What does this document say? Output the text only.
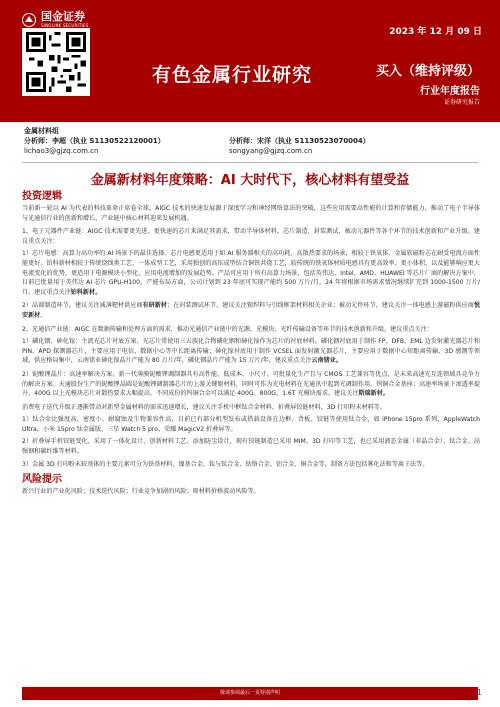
国金证券
SINOLINK SECURITIES
2023 年 12 月 09 日
有色金属行业研究	买入（维持评级）
行业年度报告
证券研究报告
金属材料组
分析师：李超（执业 S1130522120001）	分析师：宋洋（执业 S1130523070004）
lichao3@gjzq.com.cn	songyang@gjzq.com.cn
金属新材料年度策略：AI 大时代下，核心材料有望受益
投资逻辑

当前新一轮以 AI 为代表的科技革命正席卷全球，AIGC 技术的快速发展源于深度学习和神经网络算法的突破，这些应用需要高性能的计算和存储能力，推动了电子半导体与光通信行业的创新和增长，产业链中核心材料迎来发展机遇。

1、电子元器件产业链：AIGC 技术需要更先进、更快速的芯片来满足其需求，带动半导体材料、芯片制造、封装测试、被动元器件等各个环节的技术创新和产业升级。建议重点关注：

1）芯片电感：高算力高功率的 AI 场景下的最佳选择。芯片电感更适用于如 AI 服务器相关的高功耗、高散热要求的场景，相较于铁氧体，金属软磁粉芯在耐受电流方面性能更好。铂科新材相较于传统绕线类工艺、一体成型工艺，采用独创的高压成型结合铜铁共烧工艺，较传统的铁氧体材质电感具有更高效率、更小体积、以及能够响应更大电流变化的优势，更适用于电源模块小型化、应用电流增加的发展趋势。产品可应用于所有高算力场景，包括英伟达、Intel、AMD、HUAWEI 等芯片厂商的解决方案中，目前已批量用于英伟达 AI 芯片 GPU-H100。产能布局方面，公司计划到 23 年底可实现产能约 500 万片/月，24 年将根据市场需求情况继续扩充到 1000-1500 万片/月。建议重点关注铂科新材。

2）晶圆制造环节，建议关注减薄靶材供应商有研新材；在封装测试环节，建议关注锡焊料与引线框架材料相关企业；被动元件环节，建议关注一体电感上游磁粉供应商悦安新材。

2、光通信产业链：AIGC 在数据传输和处理方面的需求，推动光通信产业链中的光源、光模块、光纤传输设备等环节的技术创新和升级，建议重点关注：

1）磷化铟、砷化镓：主流光芯片衬底方案。光芯片常使用三五族化合物磷化铟和砷化镓作为芯片的衬底材料。磷化铟衬底用于制作 FP、DFB、EML 边发射激光器芯片和 PIN、APD 探测器芯片，主要应用于电信、数据中心等中长距离传输；砷化镓衬底用于制作 VCSEL 面发射激光器芯片，主要应用于数据中心短距离传输、3D 感测等领域。供应格局集中，云南锗业砷化镓晶片产能为 80 万片/年，磷化铟晶片产能为 15 万片/年，建议重点关注云南锗业。

2）铌酸锂晶片：高速率解决方案。新一代薄膜铌酸锂调制器具有高性能、低成本、小尺寸、可批量化生产且与 CMOS 工艺兼容等优点，是未来高速光互连领域具竞争力的解决方案。天通股份生产的铌酸锂晶圆是铌酸锂调制器芯片的上游关键原材料，同时可作为光电材料在光通讯中起到光调制作用。钨铜合金基座：高速率场景下渗透率提升，400G 以上光模块芯片对散热要求大幅提高，不同成份的钨铜合金可以满足 400G、800G、1.6T 光模块需求，建议关注斯瑞新材。

消费电子迭代升级正逐渐带动对新型金属材料的需求迅速增长，建议关注手机中框钛合金材料、折叠屏铰链材料、3D 打印粉末材料等。

1）钛合金比强度高、密度小、耐腐蚀及生物兼容性高，目前已有部分机型发布或搭载设备在边框、背板、铰链等使用钛合金，如 iPhone 15pro 系列、AppleWatch Ultra、小米 15pro 钛金属版、三星 Watch 5 pro、荣耀 MagicV2 折叠屏等。

2）折叠屏手机铰链变化，采用了一体化设计、创新材料工艺、添加防尘设计，现有铰链制造已采用 MIM、3D 打印等工艺，也已采用液态金属（非晶合金）、钛合金、高强钢和碳纤维等材料。

3）金属 3D 打印粉末较基体的主要元素可分为铁基材料、镍基合金、钛与钛合金、钴铬合金、铝合金、铜合金等，制备方法包括雾化法和等离子法等。

风险提示

新兴行业的产业化风险；技术迭代风险；行业竞争加剧的风险；原材料价格波动风险等。

敬请参阅最后一页特别声明	1
